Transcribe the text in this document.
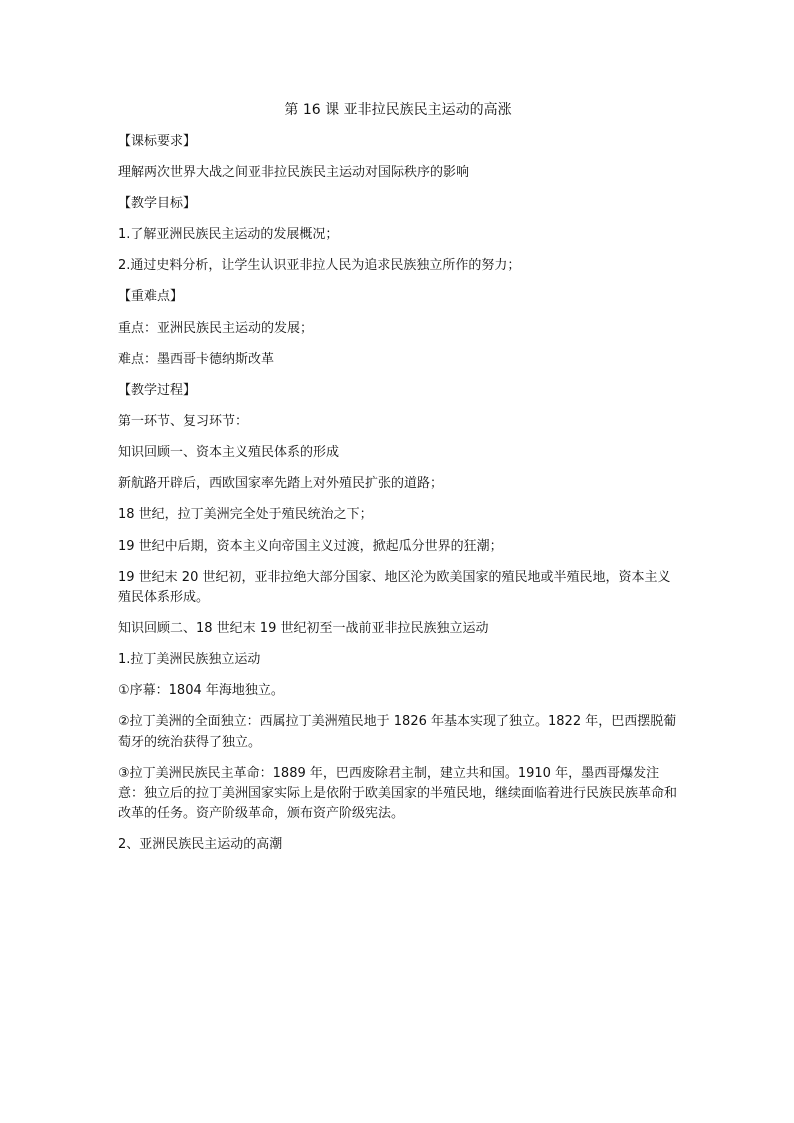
第 16 课 亚非拉民族民主运动的高涨
【课标要求】
理解两次世界大战之间亚非拉民族民主运动对国际秩序的影响
【教学目标】
1.了解亚洲民族民主运动的发展概况；
2.通过史料分析，让学生认识亚非拉人民为追求民族独立所作的努力；
【重难点】
重点：亚洲民族民主运动的发展；
难点：墨西哥卡德纳斯改革
【教学过程】
第一环节、复习环节：
知识回顾一、资本主义殖民体系的形成
新航路开辟后，西欧国家率先踏上对外殖民扩张的道路；
18 世纪，拉丁美洲完全处于殖民统治之下；
19 世纪中后期，资本主义向帝国主义过渡，掀起瓜分世界的狂潮；
19 世纪末 20 世纪初，亚非拉绝大部分国家、地区沦为欧美国家的殖民地或半殖民地，资本主义殖民体系形成。
知识回顾二、18 世纪末 19 世纪初至一战前亚非拉民族独立运动
1.拉丁美洲民族独立运动
①序幕：1804 年海地独立。
②拉丁美洲的全面独立：西属拉丁美洲殖民地于 1826 年基本实现了独立。1822 年，巴西摆脱葡萄牙的统治获得了独立。
③拉丁美洲民族民主革命：1889 年，巴西废除君主制，建立共和国。1910 年，墨西哥爆发注意：独立后的拉丁美洲国家实际上是依附于欧美国家的半殖民地，继续面临着进行民族民族革命和改革的任务。资产阶级革命，颁布资产阶级宪法。
2、亚洲民族民主运动的高潮
